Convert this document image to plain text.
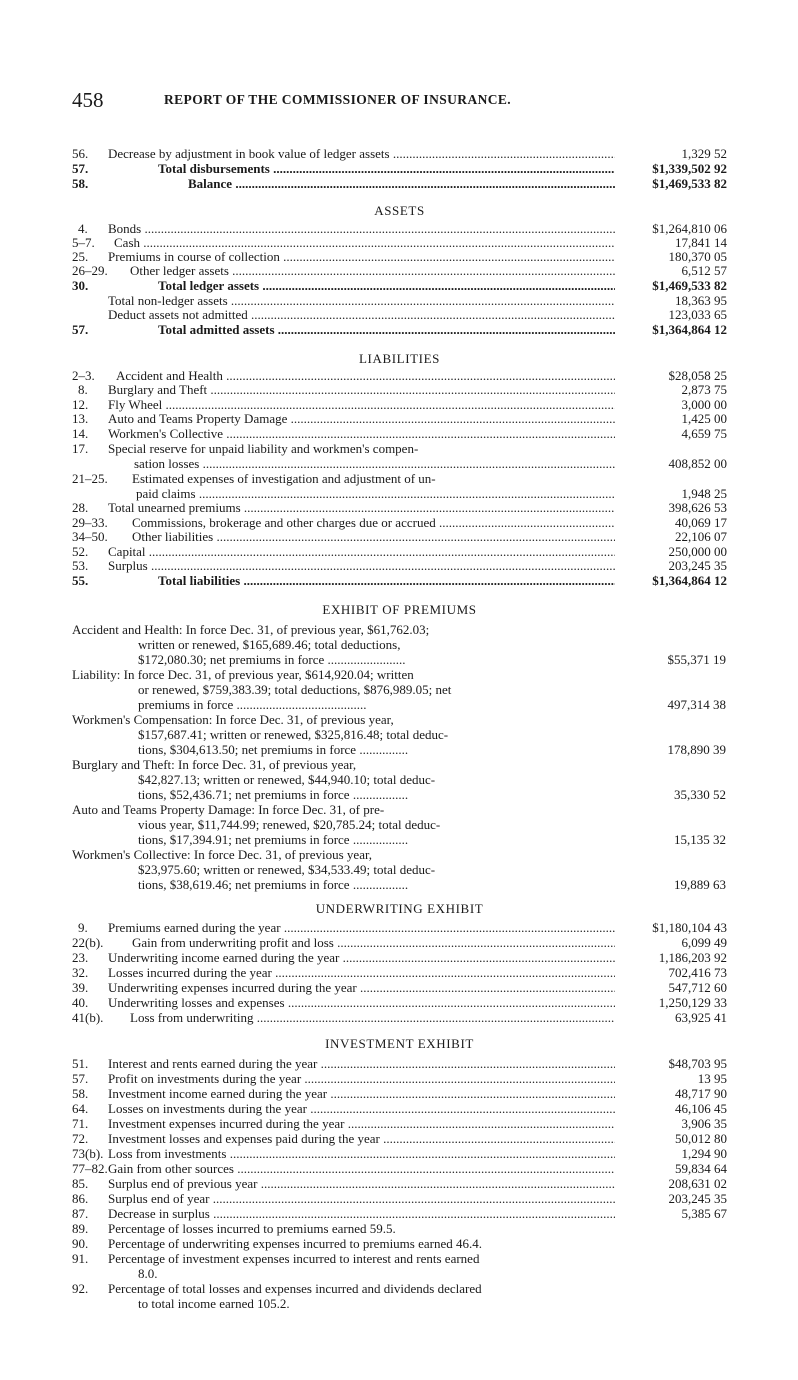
458	REPORT OF THE COMMISSIONER OF INSURANCE.
56.	Decrease by adjustment in book value of ledger assets .....	1,329 52
57.	Total disbursements .....	$1,339,502 92
58.	Balance .....	$1,469,533 82
ASSETS
4.	Bonds .....	$1,264,810 06
5–7.	Cash .....	17,841 14
25.	Premiums in course of collection .....	180,370 05
26–29. Other ledger assets .....	6,512 57
30.	Total ledger assets .....	$1,469,533 82
Total non-ledger assets .....	18,363 95
Deduct assets not admitted .....	123,033 65
57.	Total admitted assets .....	$1,364,864 12
LIABILITIES
2–3.	Accident and Health .....	$28,058 25
8.	Burglary and Theft .....	2,873 75
12.	Fly Wheel .....	3,000 00
13.	Auto and Teams Property Damage .....	1,425 00
14.	Workmen's Collective .....	4,659 75
17. Special reserve for unpaid liability and workmen's compen-
sation losses .....	408,852 00
21–25. Estimated expenses of investigation and adjustment of un-
paid claims .....	1,948 25
28.	Total unearned premiums .....	398,626 53
29–33. Commissions, brokerage and other charges due or accrued .....	40,069 17
34–50. Other liabilities .....	22,106 07
52.	Capital .....	250,000 00
53.	Surplus .....	203,245 35
55.	Total liabilities .....	$1,364,864 12
EXHIBIT OF PREMIUMS
Accident and Health: In force Dec. 31, of previous year, $61,762.03;
written or renewed, $165,689.46; total deductions,
$172,080.30; net premiums in force ........................	$55,371 19
Liability: In force Dec. 31, of previous year, $614,920.04; written
or renewed, $759,383.39; total deductions, $876,989.05; net
premiums in force ........................................	497,314 38
Workmen's Compensation: In force Dec. 31, of previous year,
$157,687.41; written or renewed, $325,816.48; total deduc-
tions, $304,613.50; net premiums in force ...............	178,890 39
Burglary and Theft: In force Dec. 31, of previous year,
$42,827.13; written or renewed, $44,940.10; total deduc-
tions, $52,436.71; net premiums in force .................	35,330 52
Auto and Teams Property Damage: In force Dec. 31, of pre-
vious year, $11,744.99; renewed, $20,785.24; total deduc-
tions, $17,394.91; net premiums in force .................	15,135 32
Workmen's Collective: In force Dec. 31, of previous year,
$23,975.60; written or renewed, $34,533.49; total deduc-
tions, $38,619.46; net premiums in force .................	19,889 63
UNDERWRITING EXHIBIT
9.	Premiums earned during the year .....	$1,180,104 43
22(b). Gain from underwriting profit and loss .....	6,099 49
23.	Underwriting income earned during the year .....	1,186,203 92
32.	Losses incurred during the year .....	702,416 73
39.	Underwriting expenses incurred during the year .....	547,712 60
40.	Underwriting losses and expenses .....	1,250,129 33
41(b). Loss from underwriting .....	63,925 41
INVESTMENT EXHIBIT
51.	Interest and rents earned during the year .....	$48,703 95
57.	Profit on investments during the year .....	13 95
58.	Investment income earned during the year .....	48,717 90
64.	Losses on investments during the year .....	46,106 45
71.	Investment expenses incurred during the year .....	3,906 35
72.	Investment losses and expenses paid during the year .....	50,012 80
73(b). Loss from investments .....	1,294 90
77–82. Gain from other sources .....	59,834 64
85.	Surplus end of previous year .....	208,631 02
86.	Surplus end of year .....	203,245 35
87.	Decrease in surplus .....	5,385 67
89.	Percentage of losses incurred to premiums earned 59.5.
90.	Percentage of underwriting expenses incurred to premiums earned 46.4.
91.	Percentage of investment expenses incurred to interest and rents earned
8.0.
92.	Percentage of total losses and expenses incurred and dividends declared
to total income earned 105.2.
